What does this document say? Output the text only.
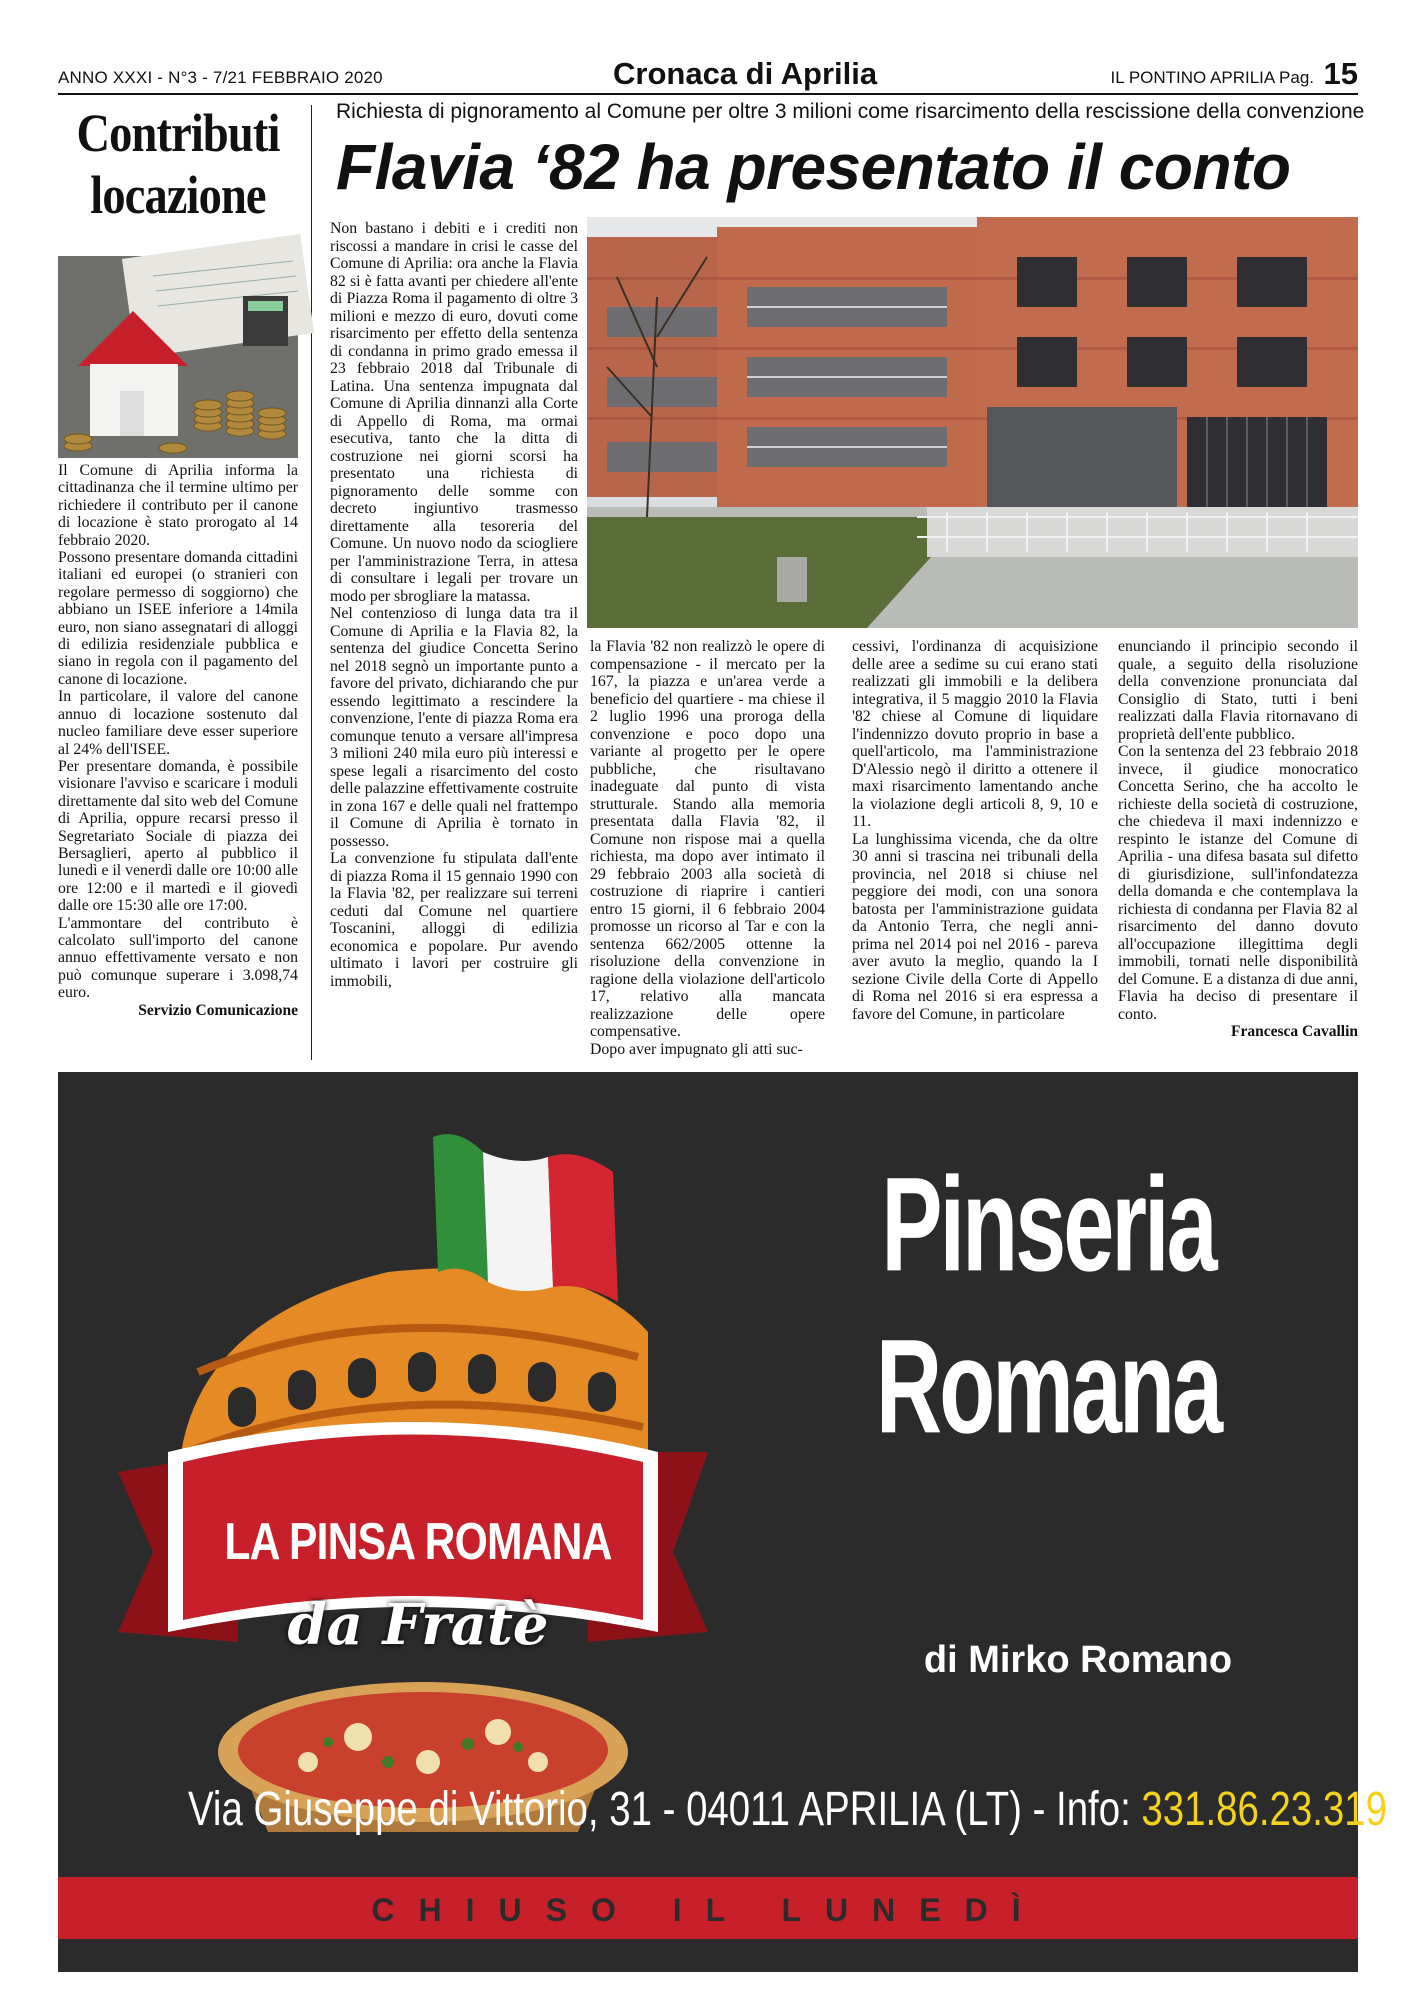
ANNO XXXI - N°3 - 7/21 FEBBRAIO 2020	Cronaca di Aprilia	IL PONTINO APRILIA Pag. 15
Contributi
locazione

Il Comune di Aprilia informa la cittadinanza che il termine ultimo per richiedere il contributo per il canone di locazione è stato prorogato al 14 febbraio 2020.

Possono presentare domanda cittadini italiani ed europei (o stranieri con regolare permesso di soggiorno) che abbiano un ISEE inferiore a 14mila euro, non siano assegnatari di alloggi di edilizia residenziale pubblica e siano in regola con il pagamento del canone di locazione.

In particolare, il valore del canone annuo di locazione sostenuto dal nucleo familiare deve esser superiore al 24% dell'ISEE.

Per presentare domanda, è possibile visionare l'avviso e scaricare i moduli direttamente dal sito web del Comune di Aprilia, oppure recarsi presso il Segretariato Sociale di piazza dei Bersaglieri, aperto al pubblico il lunedì e il venerdì dalle ore 10:00 alle ore 12:00 e il martedì e il giovedì dalle ore 15:30 alle ore 17:00.

L'ammontare del contributo è calcolato sull'importo del canone annuo effettivamente versato e non può comunque superare i 3.098,74 euro.

Servizio Comunicazione

Richiesta di pignoramento al Comune per oltre 3 milioni come risarcimento della rescissione della convenzione
Flavia ‘82 ha presentato il conto

Non bastano i debiti e i crediti non riscossi a mandare in crisi le casse del Comune di Aprilia: ora anche la Flavia 82 si è fatta avanti per chiedere all'ente di Piazza Roma il pagamento di oltre 3 milioni e mezzo di euro, dovuti come risarcimento per effetto della sentenza di condanna in primo grado emessa il 23 febbraio 2018 dal Tribunale di Latina. Una sentenza impugnata dal Comune di Aprilia dinnanzi alla Corte di Appello di Roma, ma ormai esecutiva, tanto che la ditta di costruzione nei giorni scorsi ha presentato una richiesta di pignoramento delle somme con decreto ingiuntivo trasmesso direttamente alla tesoreria del Comune. Un nuovo nodo da sciogliere per l'amministrazione Terra, in attesa di consultare i legali per trovare un modo per sbrogliare la matassa.

Nel contenzioso di lunga data tra il Comune di Aprilia e la Flavia 82, la sentenza del giudice Concetta Serino nel 2018 segnò un importante punto a favore del privato, dichiarando che pur essendo legittimato a rescindere la convenzione, l'ente di piazza Roma era comunque tenuto a versare all'impresa 3 milioni 240 mila euro più interessi e spese legali a risarcimento del costo delle palazzine effettivamente costruite in zona 167 e delle quali nel frattempo il Comune di Aprilia è tornato in possesso.

La convenzione fu stipulata dall'ente di piazza Roma il 15 gennaio 1990 con la Flavia '82, per realizzare sui terreni ceduti dal Comune nel quartiere Toscanini, alloggi di edilizia economica e popolare. Pur avendo ultimato i lavori per costruire gli immobili,

la Flavia '82 non realizzò le opere di compensazione - il mercato per la 167, la piazza e un'area verde a beneficio del quartiere - ma chiese il 2 luglio 1996 una proroga della convenzione e poco dopo una variante al progetto per le opere pubbliche, che risultavano inadeguate dal punto di vista strutturale. Stando alla memoria presentata dalla Flavia '82, il Comune non rispose mai a quella richiesta, ma dopo aver intimato il 29 febbraio 2003 alla società di costruzione di riaprire i cantieri entro 15 giorni, il 6 febbraio 2004 promosse un ricorso al Tar e con la sentenza 662/2005 ottenne la risoluzione della convenzione in ragione della violazione dell'articolo 17, relativo alla mancata realizzazione delle opere compensative.

Dopo aver impugnato gli atti suc-

cessivi, l'ordinanza di acquisizione delle aree a sedime su cui erano stati realizzati gli immobili e la delibera integrativa, il 5 maggio 2010 la Flavia '82 chiese al Comune di liquidare l'indennizzo dovuto proprio in base a quell'articolo, ma l'amministrazione D'Alessio negò il diritto a ottenere il maxi risarcimento lamentando anche la violazione degli articoli 8, 9, 10 e 11.

La lunghissima vicenda, che da oltre 30 anni si trascina nei tribunali della provincia, nel 2018 si chiuse nel peggiore dei modi, con una sonora batosta per l'amministrazione guidata da Antonio Terra, che negli anni- prima nel 2014 poi nel 2016 - pareva aver avuto la meglio, quando la I sezione Civile della Corte di Appello di Roma nel 2016 si era espressa a favore del Comune, in particolare

enunciando il principio secondo il quale, a seguito della risoluzione della convenzione pronunciata dal Consiglio di Stato, tutti i beni realizzati dalla Flavia ritornavano di proprietà dell'ente pubblico.

Con la sentenza del 23 febbraio 2018 invece, il giudice monocratico Concetta Serino, che ha accolto le richieste della società di costruzione, che chiedeva il maxi indennizzo e respinto le istanze del Comune di Aprilia - una difesa basata sul difetto di giurisdizione, sull'infondatezza della domanda e che contemplava la richiesta di condanna per Flavia 82 al risarcimento del danno dovuto all'occupazione illegittima degli immobili, tornati nelle disponibilità del Comune. E a distanza di due anni, Flavia ha deciso di presentare il conto.

Francesca Cavallin

LA PINSA ROMANA
da Fratè
Pinseria
Romana
di Mirko Romano
Via Giuseppe di Vittorio, 31 - 04011 APRILIA (LT) - Info: 331.86.23.319
CHIUSO IL LUNEDÌ
